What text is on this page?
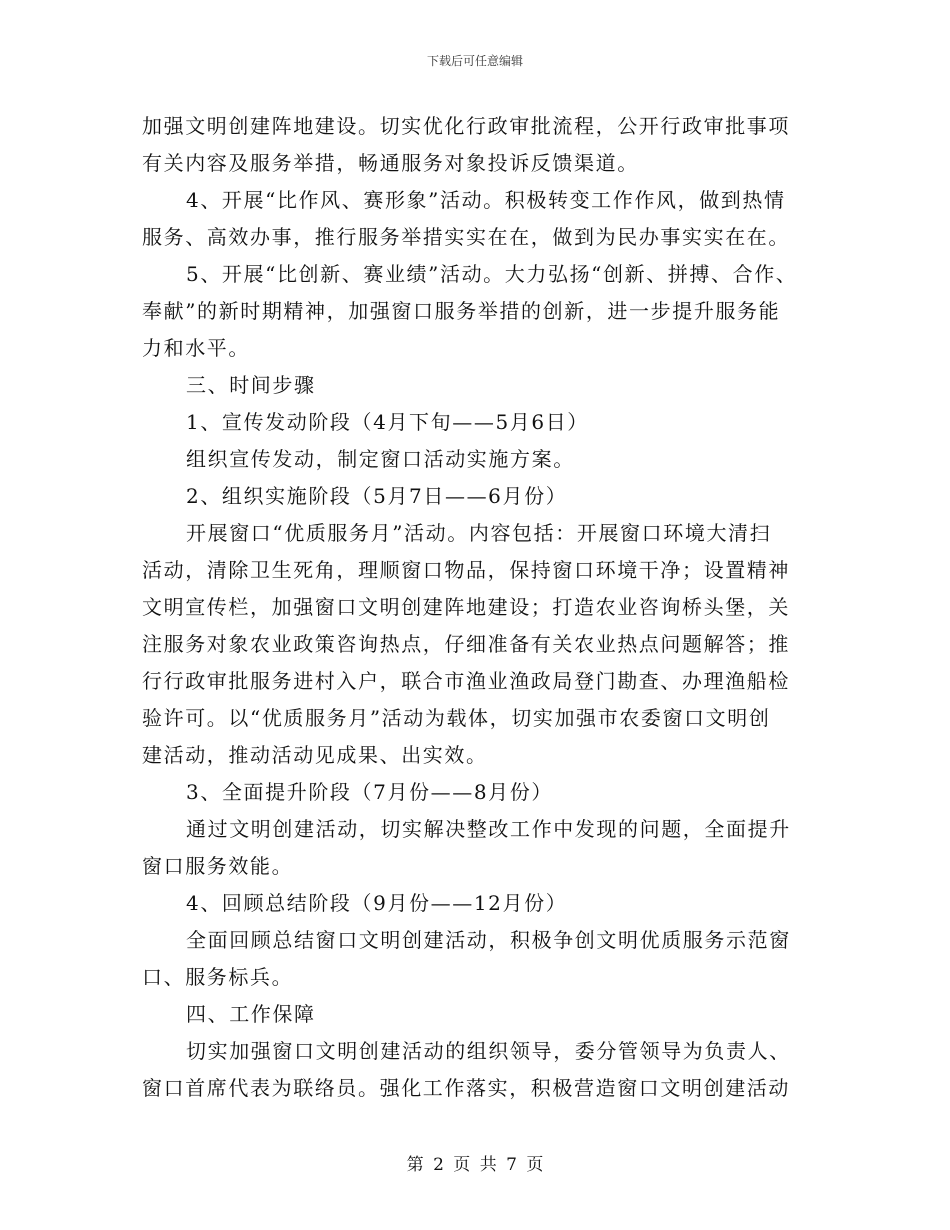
下载后可任意编辑
加强文明创建阵地建设。切实优化行政审批流程，公开行政审批事项
有关内容及服务举措，畅通服务对象投诉反馈渠道。
4、开展“比作风、赛形象”活动。积极转变工作作风，做到热情
服务、高效办事，推行服务举措实实在在，做到为民办事实实在在。
5、开展“比创新、赛业绩”活动。大力弘扬“创新、拼搏、合作、
奉献”的新时期精神，加强窗口服务举措的创新，进一步提升服务能
力和水平。
三、时间步骤
1、宣传发动阶段（4月下旬——5月6日）
组织宣传发动，制定窗口活动实施方案。
2、组织实施阶段（5月7日——6月份）
开展窗口“优质服务月”活动。内容包括：开展窗口环境大清扫
活动，清除卫生死角，理顺窗口物品，保持窗口环境干净；设置精神
文明宣传栏，加强窗口文明创建阵地建设；打造农业咨询桥头堡，关
注服务对象农业政策咨询热点，仔细准备有关农业热点问题解答；推
行行政审批服务进村入户，联合市渔业渔政局登门勘查、办理渔船检
验许可。以“优质服务月”活动为载体，切实加强市农委窗口文明创
建活动，推动活动见成果、出实效。
3、全面提升阶段（7月份——8月份）
通过文明创建活动，切实解决整改工作中发现的问题，全面提升
窗口服务效能。
4、回顾总结阶段（9月份——12月份）
全面回顾总结窗口文明创建活动，积极争创文明优质服务示范窗
口、服务标兵。
四、工作保障
切实加强窗口文明创建活动的组织领导，委分管领导为负责人、
窗口首席代表为联络员。强化工作落实，积极营造窗口文明创建活动
第 2 页 共 7 页
